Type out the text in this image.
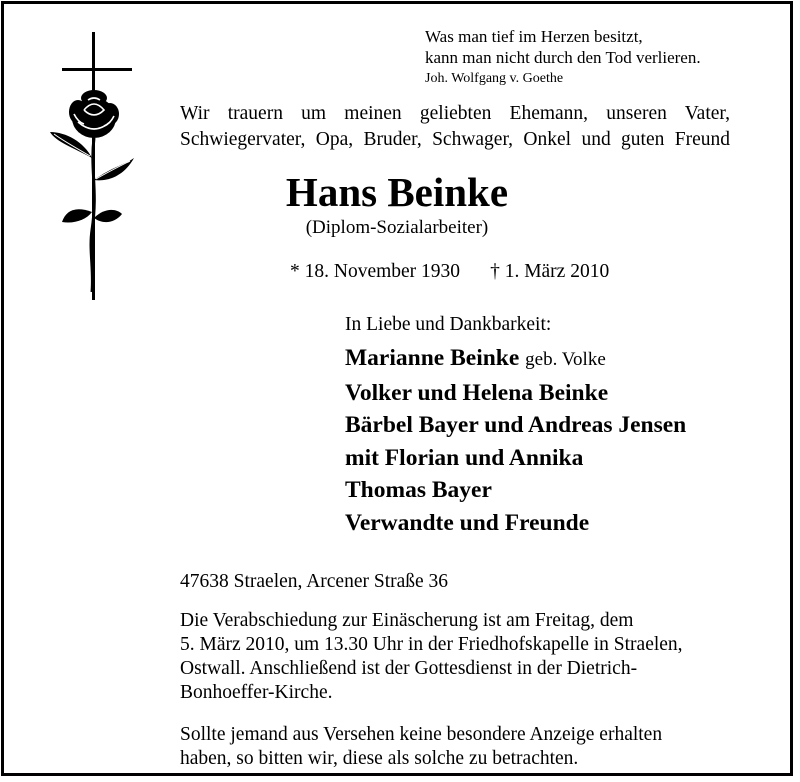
Was man tief im Herzen besitzt,
kann man nicht durch den Tod verlieren.
Joh. Wolfgang v. Goethe
Wir trauern um meinen geliebten Ehemann, unseren Vater,
Schwiegervater, Opa, Bruder, Schwager, Onkel und guten Freund
Hans Beinke
(Diplom-Sozialarbeiter)
* 18. November 1930 † 1. März 2010
In Liebe und Dankbarkeit:
Marianne Beinke geb. Volke
Volker und Helena Beinke
Bärbel Bayer und Andreas Jensen
mit Florian und Annika
Thomas Bayer
Verwandte und Freunde
47638 Straelen, Arcener Straße 36
Die Verabschiedung zur Einäscherung ist am Freitag, dem
5. März 2010, um 13.30 Uhr in der Friedhofskapelle in Straelen,
Ostwall. Anschließend ist der Gottesdienst in der Dietrich-
Bonhoeffer-Kirche.
Sollte jemand aus Versehen keine besondere Anzeige erhalten
haben, so bitten wir, diese als solche zu betrachten.
